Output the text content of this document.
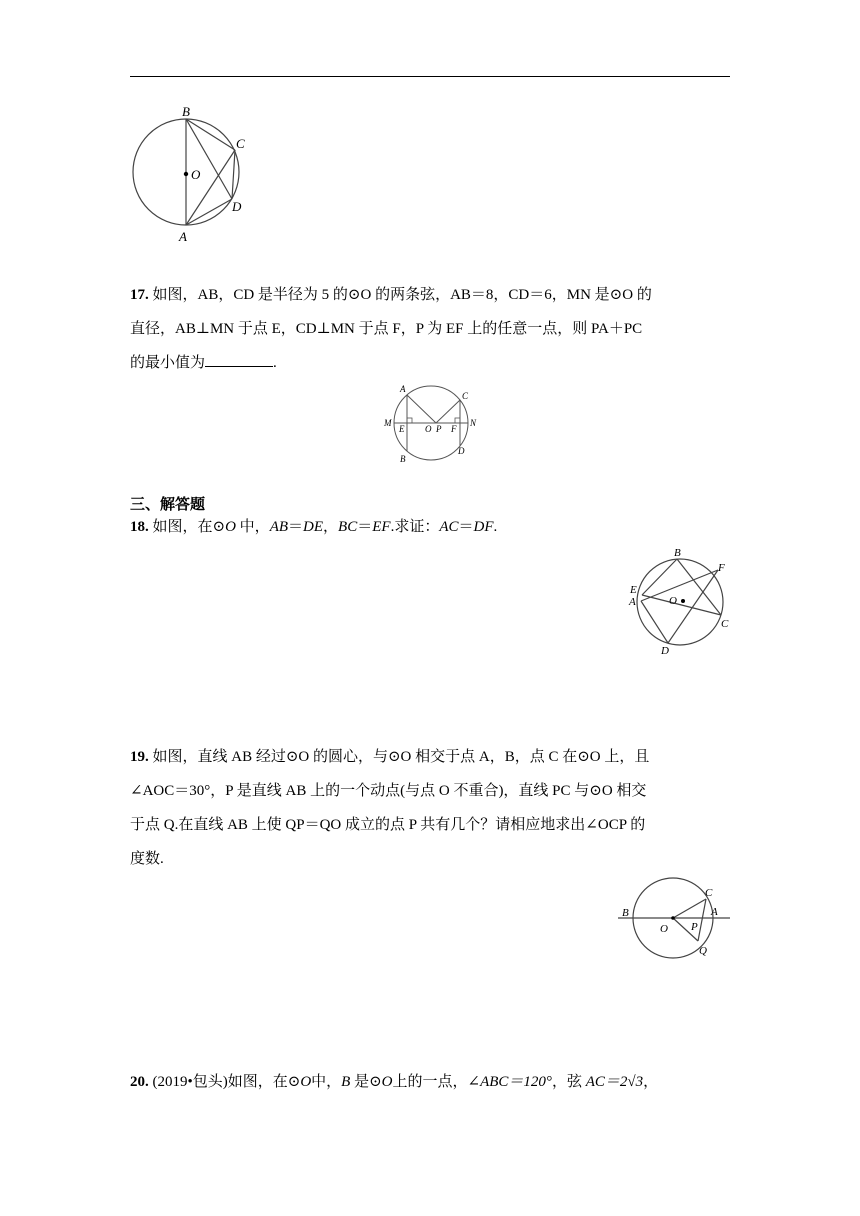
B
C
O
D
A
17. 如图，AB，CD 是半径为 5 的⊙O 的两条弦，AB＝8，CD＝6，MN 是⊙O 的
直径，AB⊥MN 于点 E，CD⊥MN 于点 F，P 为 EF 上的任意一点，则 PA＋PC
的最小值为	.
A
C
M
E O P F
N
B
D
三、解答题
18. 如图，在⊙O 中，AB＝DE，BC＝EF.求证：AC＝DF.
B
F
E
A	O
C
D
19. 如图，直线 AB 经过⊙O 的圆心，与⊙O 相交于点 A，B，点 C 在⊙O 上，且
∠AOC＝30°，P 是直线 AB 上的一个动点(与点 O 不重合)，直线 PC 与⊙O 相交
于点 Q.在直线 AB 上使 QP＝QO 成立的点 P 共有几个？请相应地求出∠OCP 的
度数.
C
B	A
O P
Q
20. (2019•包头)如图，在⊙O中，B 是⊙O上的一点，∠ABC＝120°，弦 AC＝2√3，
